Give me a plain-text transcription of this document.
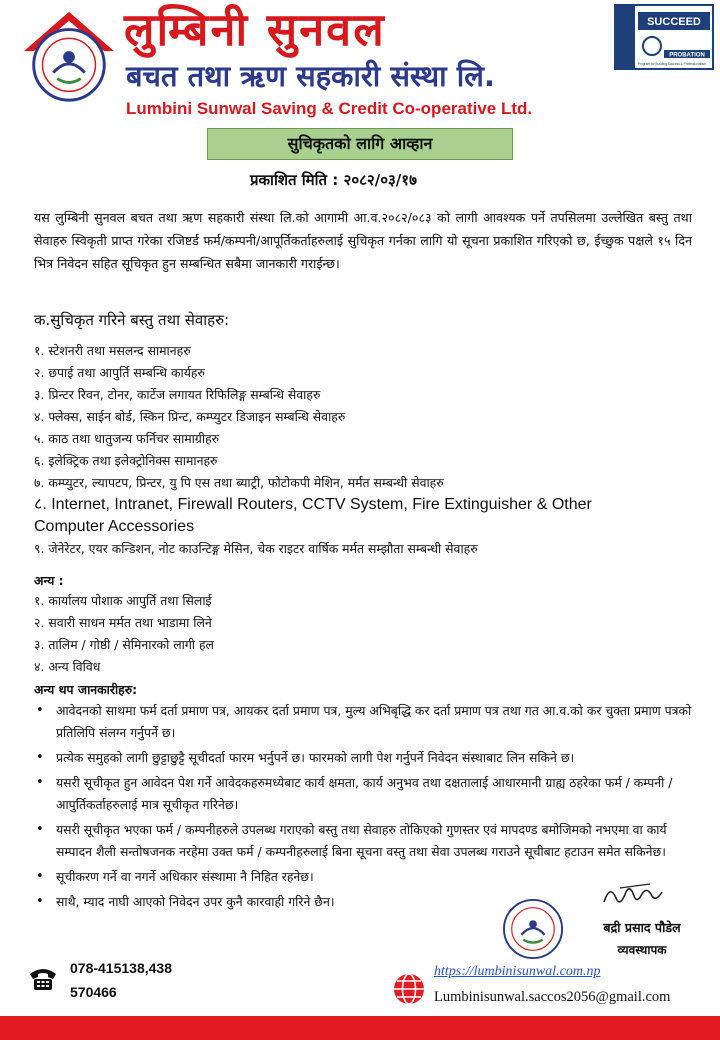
लुम्बिनी सुनवल
बचत तथा ऋण सहकारी संस्था लि.
Lumbini Sunwal Saving & Credit Co-operative Ltd.
SUCCEED
PROBATION
Program for Building Success & Professionalism
सुचिकृतको लागि आव्हान
प्रकाशित मिति : २०८२/०३/१७

यस लुम्बिनी सुनवल बचत तथा ऋण सहकारी संस्था लि.को आगामी आ.व.२०८२/०८३ को लागी आवश्यक पर्ने तपसिलमा उल्लेखित बस्तु तथा सेवाहरु स्विकृती प्राप्त गरेका रजिष्टर्ड फर्म/कम्पनी/आपूर्तिकर्ताहरुलाई सुचिकृत गर्नका लागि यो सूचना प्रकाशित गरिएको छ, ईच्छुक पक्षले १५ दिन भित्र निवेदन सहित सूचिकृत हुन सम्बन्धित सबैमा जानकारी गराईन्छ।

क.सुचिकृत गरिने बस्तु तथा सेवाहरु:
१. स्टेशनरी तथा मसलन्द सामानहरु
२. छपाई तथा आपुर्ति सम्बन्धि कार्यहरु
३. प्रिन्टर रिवन, टोनर, कार्टेज लगायत रिफिलिङ्ग सम्बन्धि सेवाहरु
४. फ्लेक्स, साईन बोर्ड, स्किन प्रिन्ट, कम्प्युटर डिजाइन सम्बन्धि सेवाहरु
५. काठ तथा धातुजन्य फर्निचर सामाग्रीहरु
६. इलेक्ट्रिक तथा इलेक्ट्रोनिक्स सामानहरु
७. कम्प्युटर, ल्यापटप, प्रिन्टर, यु पि एस तथा ब्याट्री, फोटोकपी मेशिन, मर्मत सम्बन्धी सेवाहरु
८. Internet, Intranet, Firewall Routers, CCTV System, Fire Extinguisher & Other Computer Accessories
९. जेनेरेटर, एयर कन्डिशन, नोट काउन्टिङ्ग मेसिन, चेक राइटर वार्षिक मर्मत सम्झौता सम्बन्धी सेवाहरु
अन्य :
१. कार्यालय पोशाक आपुर्ति तथा सिलाई
२. सवारी साधन मर्मत तथा भाडामा लिने
३. तालिम / गोष्ठी / सेमिनारको लागी हल
४. अन्य विविध
अन्य थप जानकारीहरु:
• आवेदनको साथमा फर्म दर्ता प्रमाण पत्र, आयकर दर्ता प्रमाण पत्र, मुल्य अभिबृद्धि कर दर्ता प्रमाण पत्र तथा गत आ.व.को कर चुक्ता प्रमाण पत्रको प्रतिलिपि संलग्न गर्नुपर्ने छ।
• प्रत्येक समुहको लागी छुट्टाछुट्टै सूचीदर्ता फारम भर्नुपर्ने छ। फारमको लागी पेश गर्नुपर्ने निवेदन संस्थाबाट लिन सकिने छ।
• यसरी सूचीकृत हुन आवेदन पेश गर्ने आवेदकहरुमध्येबाट कार्य क्षमता, कार्य अनुभव तथा दक्षतालाई आधारमानी ग्राह्य ठहरेका फर्म / कम्पनी / आपुर्तिकर्ताहरुलाई मात्र सूचीकृत गरिनेछ।
• यसरी सूचीकृत भएका फर्म / कम्पनीहरुले उपलब्ध गराएको बस्तु तथा सेवाहरु तोकिएको गुणस्तर एवं मापदण्ड बमोजिमको नभएमा वा कार्य सम्पादन शैली सन्तोषजनक नरहेमा उक्त फर्म / कम्पनीहरुलाई बिना सूचना वस्तु तथा सेवा उपलब्ध गराउने सूचीबाट हटाउन समेत सकिनेछ।
• सूचीकरण गर्ने वा नगर्ने अधिकार संस्थामा नै निहित रहनेछ।
• साथै, म्याद नाघी आएको निवेदन उपर कुनै कारवाही गरिने छैन।
बद्री प्रसाद पौडेल
व्यवस्थापक
078-415138,438
570466
https://lumbinisunwal.com.np
Lumbinisunwal.saccos2056@gmail.com
